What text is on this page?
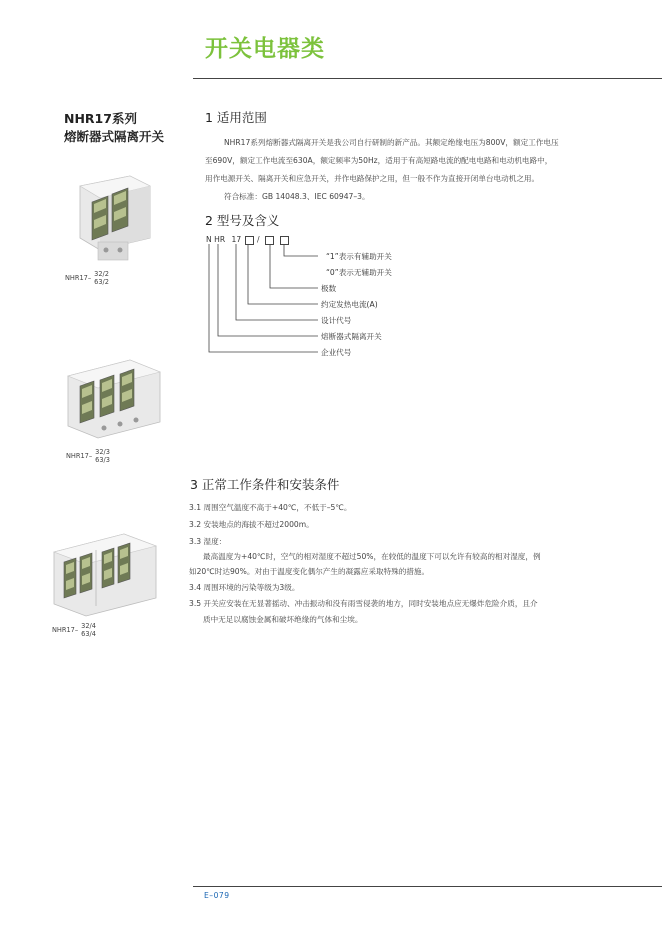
开关电器类
NHR17系列
熔断器式隔离开关
NHR17– 32/2
63/2
NHR17– 32/3
63/3
NHR17– 32/4
63/4
1 适用范围
NHR17系列熔断器式隔离开关是我公司自行研制的新产品。其额定绝缘电压为800V，额定工作电压
至690V，额定工作电流至630A，额定频率为50Hz，适用于有高短路电流的配电电路和电动机电路中，
用作电源开关、隔离开关和应急开关，并作电路保护之用，但一般不作为直接开闭单台电动机之用。
符合标准：GB 14048.3、IEC 60947–3。
2 型号及含义
N HR 17 /
“1”表示有辅助开关
“0”表示无辅助开关
极数
约定发热电流(A)
设计代号
熔断器式隔离开关
企业代号
3 正常工作条件和安装条件
3.1 周围空气温度不高于+40℃，不低于–5℃。
3.2 安装地点的海拔不超过2000m。
3.3 湿度：
最高温度为+40℃时，空气的相对湿度不超过50%，在较低的温度下可以允许有较高的相对湿度，例
如20℃时达90%。对由于温度变化偶尔产生的凝露应采取特殊的措施。
3.4 周围环境的污染等级为3级。
3.5 开关应安装在无显著摇动、冲击振动和没有雨雪侵袭的地方，同时安装地点应无爆炸危险介质，且介
质中无足以腐蚀金属和破坏绝缘的气体和尘埃。
E–079
